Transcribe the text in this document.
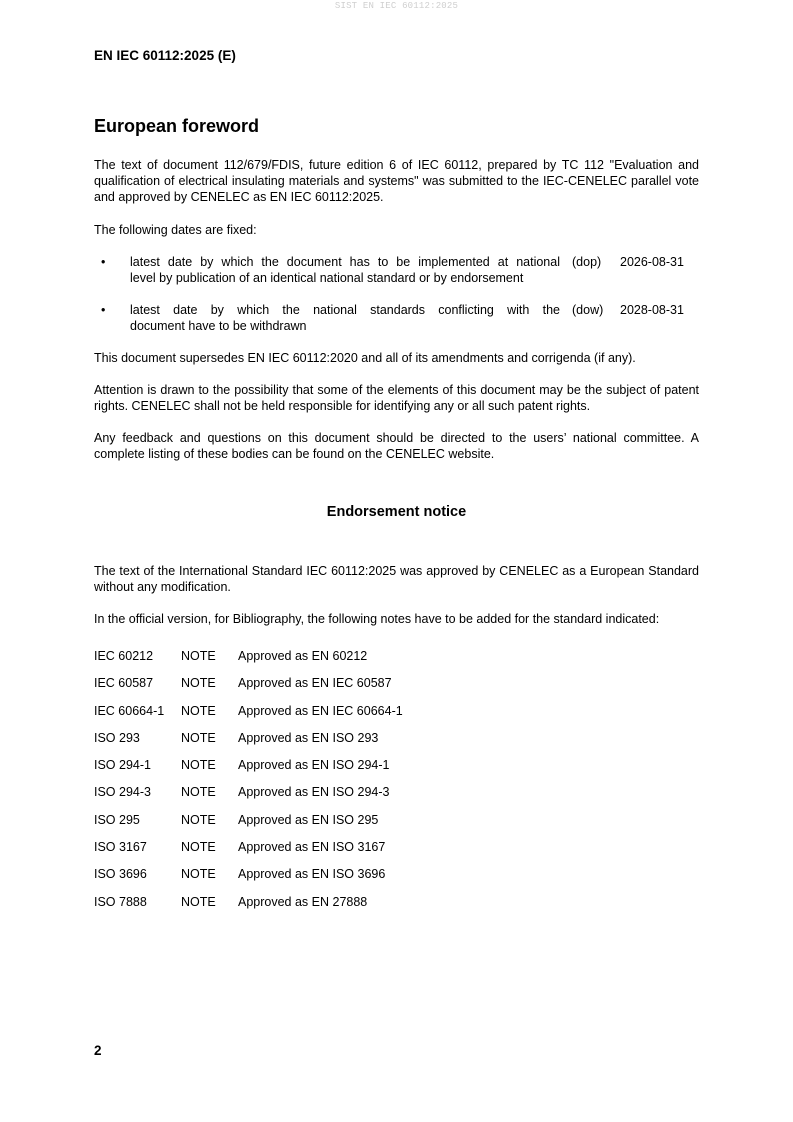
SIST EN IEC 60112:2025
EN IEC 60112:2025 (E)
European foreword

The text of document 112/679/FDIS, future edition 6 of IEC 60112, prepared by TC 112 "Evaluation and qualification of electrical insulating materials and systems" was submitted to the IEC-CENELEC parallel vote and approved by CENELEC as EN IEC 60112:2025.

The following dates are fixed:

• latest date by which the document has to be implemented at national
level by publication of an identical national standard or by endorsement

(dop) 2026-08-31
• latest date by which the national standards conflicting with the
document have to be withdrawn

(dow) 2028-08-31

This document supersedes EN IEC 60112:2020 and all of its amendments and corrigenda (if any).

Attention is drawn to the possibility that some of the elements of this document may be the subject of patent rights. CENELEC shall not be held responsible for identifying any or all such patent rights.

Any feedback and questions on this document should be directed to the users’ national committee. A complete listing of these bodies can be found on the CENELEC website.

Endorsement notice

The text of the International Standard IEC 60112:2025 was approved by CENELEC as a European Standard without any modification.

In the official version, for Bibliography, the following notes have to be added for the standard indicated:

IEC 60212 NOTE Approved as EN 60212
IEC 60587 NOTE Approved as EN IEC 60587
IEC 60664-1 NOTE Approved as EN IEC 60664-1
ISO 293	NOTE Approved as EN ISO 293
ISO 294-1 NOTE Approved as EN ISO 294-1
ISO 294-3 NOTE Approved as EN ISO 294-3
ISO 295	NOTE Approved as EN ISO 295
ISO 3167	NOTE Approved as EN ISO 3167
ISO 3696	NOTE Approved as EN ISO 3696
ISO 7888	NOTE Approved as EN 27888
2
